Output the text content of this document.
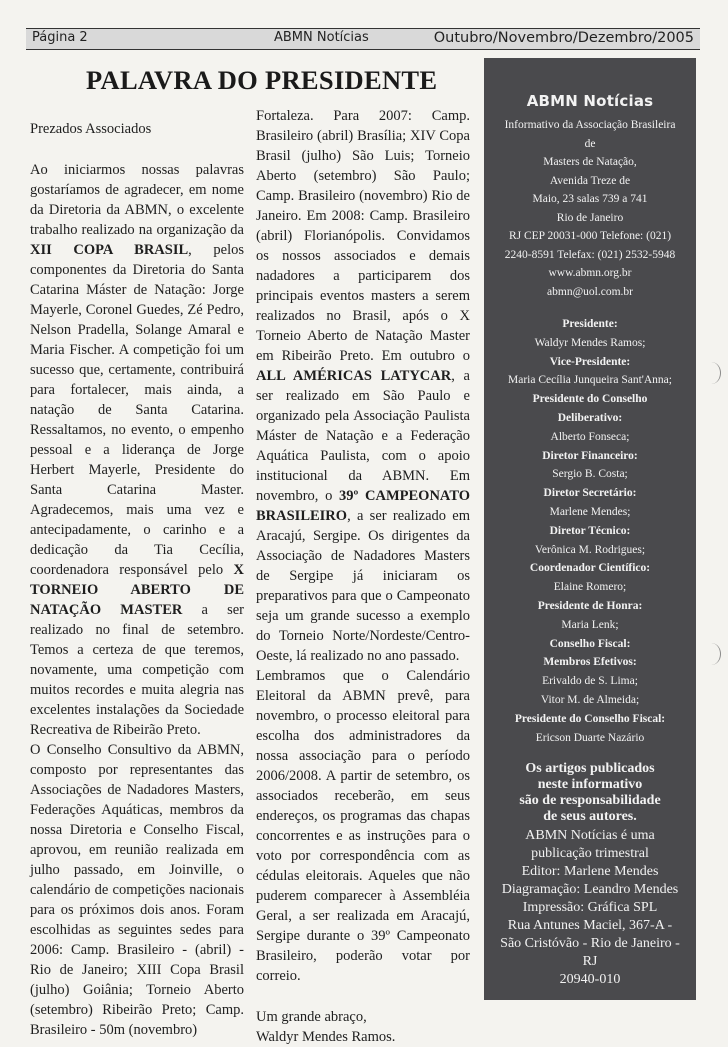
Página 2	ABMN Notícias	Outubro/Novembro/Dezembro/2005
PALAVRA DO PRESIDENTE

Prezados Associados

Ao iniciarmos nossas palavras gostaríamos de agradecer, em nome da Diretoria da ABMN, o excelente trabalho realizado na organização da XII COPA BRASIL, pelos componentes da Diretoria do Santa Catarina Máster de Natação: Jorge Mayerle, Coronel Guedes, Zé Pedro, Nelson Pradella, Solange Amaral e Maria Fischer. A competição foi um sucesso que, certamente, contribuirá para fortalecer, mais ainda, a natação de Santa Catarina. Ressaltamos, no evento, o empenho pessoal e a liderança de Jorge Herbert Mayerle, Presidente do Santa Catarina Master. Agradecemos, mais uma vez e antecipadamente, o carinho e a dedicação da Tia Cecília, coordenadora responsável pelo X TORNEIO ABERTO DE NATAÇÃO MASTER a ser realizado no final de setembro. Temos a certeza de que teremos, novamente, uma competição com muitos recordes e muita alegria nas excelentes instalações da Sociedade Recreativa de Ribeirão Preto.

O Conselho Consultivo da ABMN, composto por representantes das Associações de Nadadores Masters, Federações Aquáticas, membros da nossa Diretoria e Conselho Fiscal, aprovou, em reunião realizada em julho passado, em Joinville, o calendário de competições nacionais para os próximos dois anos. Foram escolhidas as seguintes sedes para 2006: Camp. Brasileiro - (abril) - Rio de Janeiro; XIII Copa Brasil (julho) Goiânia; Torneio Aberto (setembro) Ribeirão Preto; Camp. Brasileiro - 50m (novembro)

Fortaleza. Para 2007: Camp. Brasileiro (abril) Brasília; XIV Copa Brasil (julho) São Luis; Torneio Aberto (setembro) São Paulo; Camp. Brasileiro (novembro) Rio de Janeiro. Em 2008: Camp. Brasileiro (abril) Florianópolis. Convidamos os nossos associados e demais nadadores a participarem dos principais eventos masters a serem realizados no Brasil, após o X Torneio Aberto de Natação Master em Ribeirão Preto. Em outubro o ALL AMÉRICAS LATYCAR, a ser realizado em São Paulo e organizado pela Associação Paulista Máster de Natação e a Federação Aquática Paulista, com o apoio institucional da ABMN. Em novembro, o 39º CAMPEONATO BRASILEIRO, a ser realizado em Aracajú, Sergipe. Os dirigentes da Associação de Nadadores Masters de Sergipe já iniciaram os preparativos para que o Campeonato seja um grande sucesso a exemplo do Torneio Norte/Nordeste/Centro-Oeste, lá realizado no ano passado.

Lembramos que o Calendário Eleitoral da ABMN prevê, para novembro, o processo eleitoral para escolha dos administradores da nossa associação para o período 2006/2008. A partir de setembro, os associados receberão, em seus endereços, os programas das chapas concorrentes e as instruções para o voto por correspondência com as cédulas eleitorais. Aqueles que não puderem comparecer à Assembléia Geral, a ser realizada em Aracajú, Sergipe durante o 39º Campeonato Brasileiro, poderão votar por correio.

Um grande abraço,

Waldyr Mendes Ramos.

ABMN Notícias
Informativo da Associação Brasileira
de
Masters de Natação,
Avenida Treze de
Maio, 23 salas 739 a 741
Rio de Janeiro
RJ CEP 20031-000 Telefone: (021)
2240-8591 Telefax: (021) 2532-5948
www.abmn.org.br
abmn@uol.com.br
Presidente:
Waldyr Mendes Ramos;
Vice-Presidente:
Maria Cecília Junqueira Sant'Anna;
Presidente do Conselho Deliberativo:
Alberto Fonseca;
Diretor Financeiro:
Sergio B. Costa;
Diretor Secretário:
Marlene Mendes;
Diretor Técnico:
Verônica M. Rodrigues;
Coordenador Científico:
Elaine Romero;
Presidente de Honra:
Maria Lenk;
Conselho Fiscal: Membros Efetivos:
Erivaldo de S. Lima;
Vitor M. de Almeida;
Presidente do Conselho Fiscal:
Ericson Duarte Nazário
Os artigos publicados
neste informativo
são de responsabilidade
de seus autores.
ABMN Notícias é uma
publicação trimestral
Editor: Marlene Mendes
Diagramação: Leandro Mendes
Impressão: Gráfica SPL
Rua Antunes Maciel, 367-A -
São Cristóvão - Rio de Janeiro -
RJ
20940-010
